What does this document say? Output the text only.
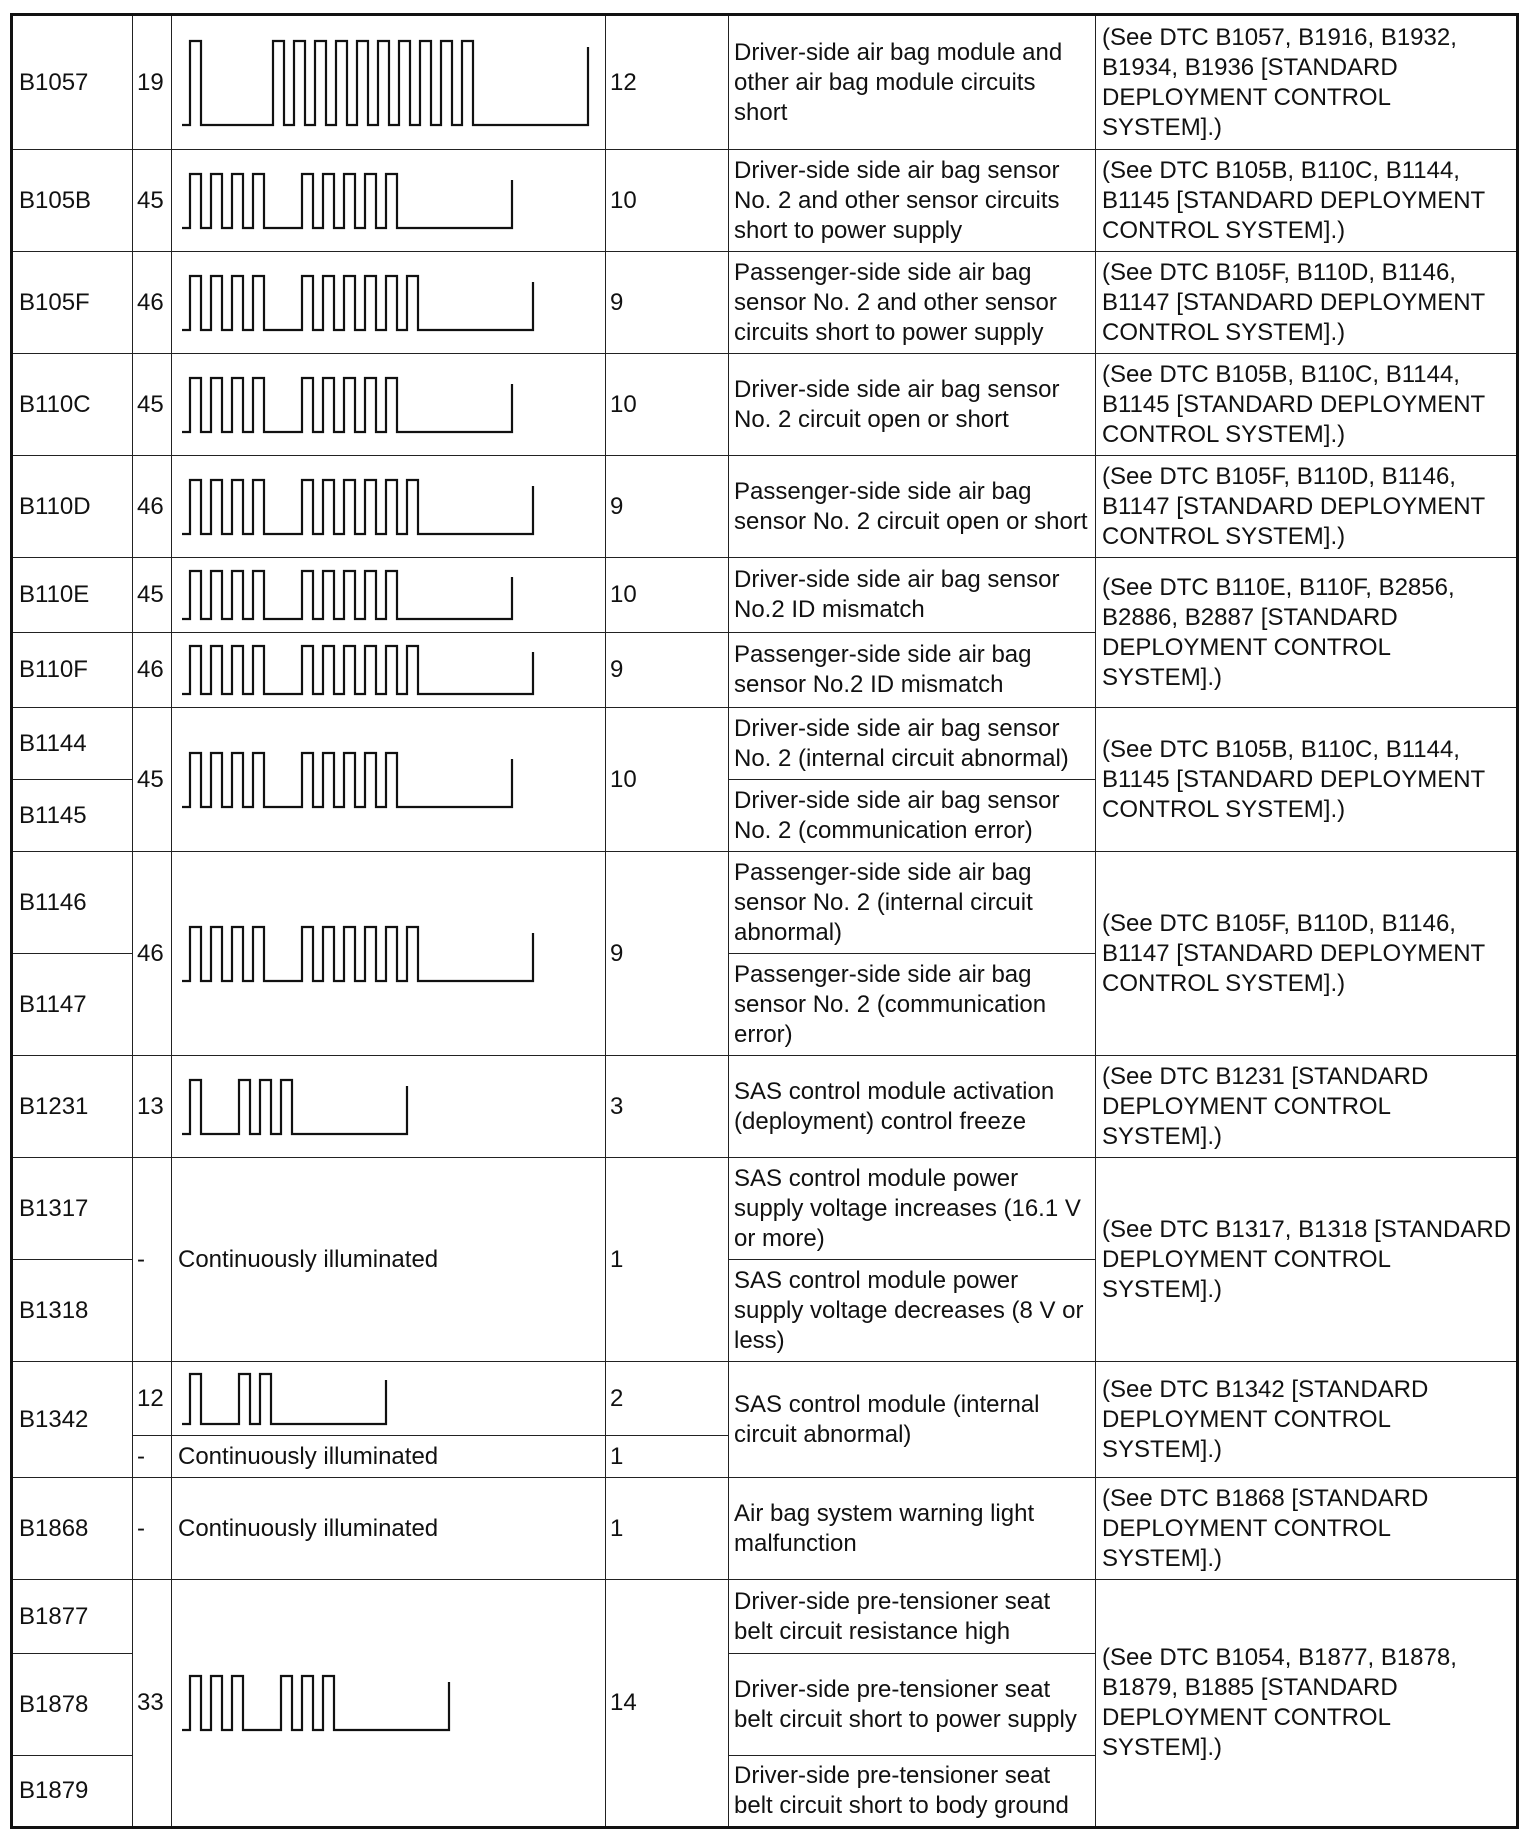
B1057	19		12	Driver-side air bag module and other air bag module circuits short	(See DTC B1057, B1916, B1932, B1934, B1936 [STANDARD DEPLOYMENT CONTROL SYSTEM].)
B105B	45		10	Driver-side side air bag sensor No. 2 and other sensor circuits short to power supply	(See DTC B105B, B110C, B1144, B1145 [STANDARD DEPLOYMENT CONTROL SYSTEM].)
B105F	46		9	Passenger-side side air bag sensor No. 2 and other sensor circuits short to power supply	(See DTC B105F, B110D, B1146, B1147 [STANDARD DEPLOYMENT CONTROL SYSTEM].)
B110C	45		10	Driver-side side air bag sensor No. 2 circuit open or short	(See DTC B105B, B110C, B1144, B1145 [STANDARD DEPLOYMENT CONTROL SYSTEM].)
B110D	46		9	Passenger-side side air bag sensor No. 2 circuit open or short	(See DTC B105F, B110D, B1146, B1147 [STANDARD DEPLOYMENT CONTROL SYSTEM].)
B110E	45		10	Driver-side side air bag sensor No.2 ID mismatch	(See DTC B110E, B110F, B2856, B2886, B2887 [STANDARD DEPLOYMENT CONTROL SYSTEM].)
B110F	46		9	Passenger-side side air bag sensor No.2 ID mismatch	
B1144	45		10	Driver-side side air bag sensor No. 2 (internal circuit abnormal)	(See DTC B105B, B110C, B1144, B1145 [STANDARD DEPLOYMENT CONTROL SYSTEM].)
B1145				Driver-side side air bag sensor No. 2 (communication error)	
B1146	46		9	Passenger-side side air bag sensor No. 2 (internal circuit abnormal)	(See DTC B105F, B110D, B1146, B1147 [STANDARD DEPLOYMENT CONTROL SYSTEM].)
B1147				Passenger-side side air bag sensor No. 2 (communication error)	
B1231	13		3	SAS control module activation (deployment) control freeze	(See DTC B1231 [STANDARD DEPLOYMENT CONTROL SYSTEM].)
B1317	-	Continuously illuminated	1	SAS control module power supply voltage increases (16.1 V or more)	(See DTC B1317, B1318 [STANDARD DEPLOYMENT CONTROL SYSTEM].)
B1318				SAS control module power supply voltage decreases (8 V or less)	
B1342	12		2	SAS control module (internal circuit abnormal)	(See DTC B1342 [STANDARD DEPLOYMENT CONTROL SYSTEM].)
	-	Continuously illuminated	1		
B1868	-	Continuously illuminated	1	Air bag system warning light malfunction	(See DTC B1868 [STANDARD DEPLOYMENT CONTROL SYSTEM].)
B1877	33		14	Driver-side pre-tensioner seat belt circuit resistance high	(See DTC B1054, B1877, B1878, B1879, B1885 [STANDARD DEPLOYMENT CONTROL SYSTEM].)
B1878				Driver-side pre-tensioner seat belt circuit short to power supply	
B1879				Driver-side pre-tensioner seat belt circuit short to body ground	
